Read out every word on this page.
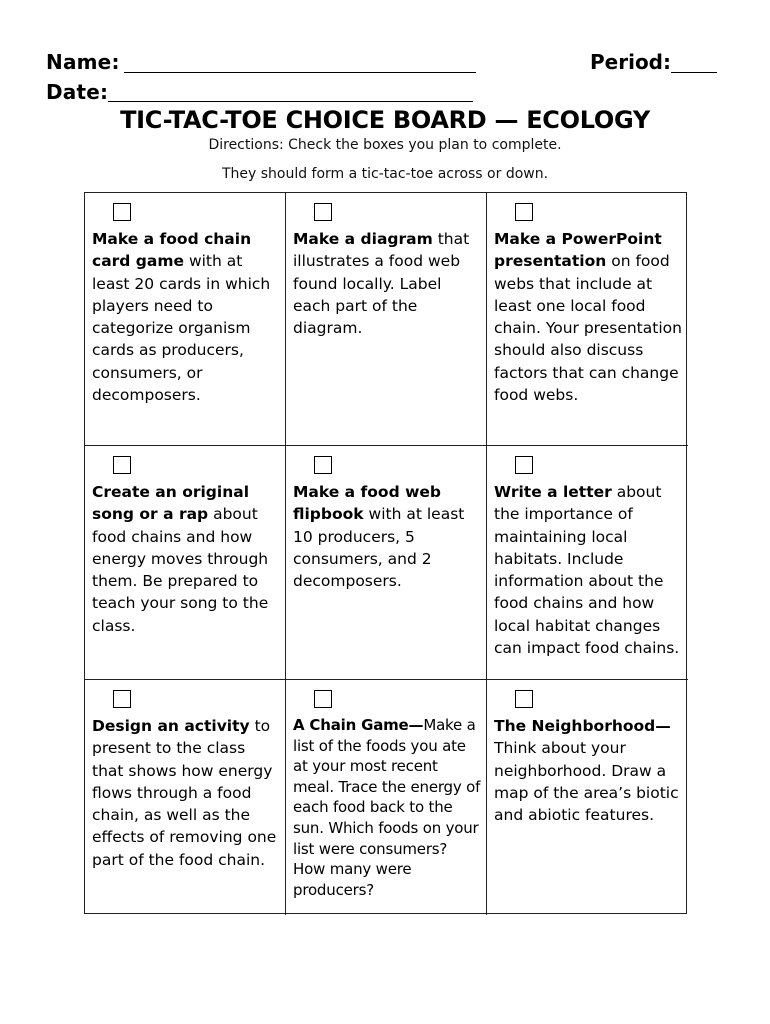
Name:
Date:
Period:
TIC-TAC-TOE CHOICE BOARD — ECOLOGY
Directions: Check the boxes you plan to complete.
They should form a tic-tac-toe across or down.
Make a food chain card game with at least 20 cards in which players need to categorize organism cards as producers, consumers, or decomposers.
Make a diagram that illustrates a food web found locally. Label each part of the diagram.
Make a PowerPoint presentation on food webs that include at least one local food chain. Your presentation should also discuss factors that can change food webs.
Create an original song or a rap about food chains and how energy moves through them. Be prepared to teach your song to the class.
Make a food web flipbook with at least 10 producers, 5 consumers, and 2 decomposers.
Write a letter about the importance of maintaining local habitats. Include information about the food chains and how local habitat changes can impact food chains.
Design an activity to present to the class that shows how energy flows through a food chain, as well as the effects of removing one part of the food chain.
A Chain Game—Make a list of the foods you ate at your most recent meal. Trace the energy of each food back to the sun. Which foods on your list were consumers? How many were producers?
The Neighborhood— Think about your neighborhood. Draw a map of the area’s biotic and abiotic features.
